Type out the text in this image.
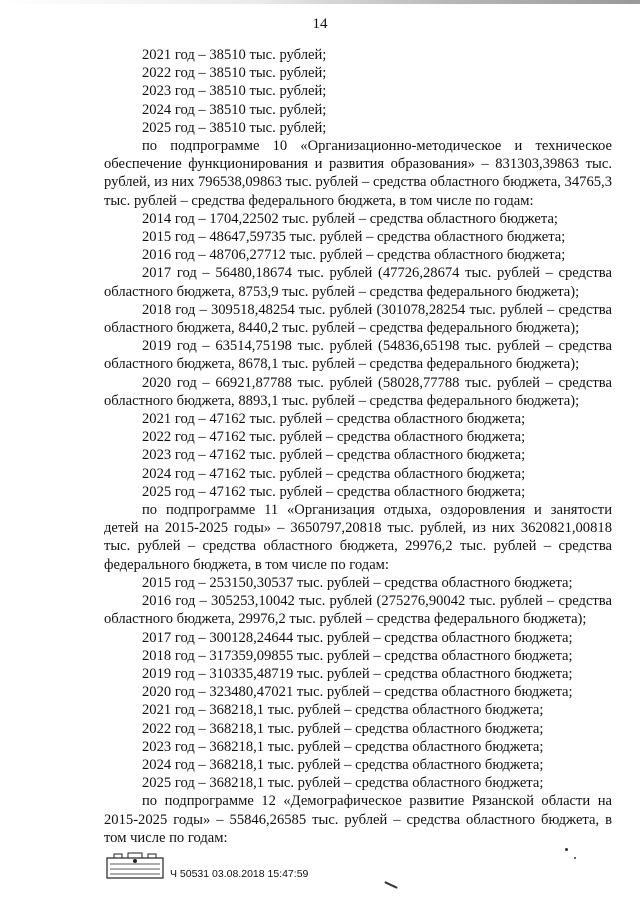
14

2021 год – 38510 тыс. рублей;

2022 год – 38510 тыс. рублей;

2023 год – 38510 тыс. рублей;

2024 год – 38510 тыс. рублей;

2025 год – 38510 тыс. рублей;

по подпрограмме 10 «Организационно-методическое и техническое обеспечение функционирования и развития образования» – 831303,39863 тыс. рублей, из них 796538,09863 тыс. рублей – средства областного бюджета, 34765,3 тыс. рублей – средства федерального бюджета, в том числе по годам:

2014 год – 1704,22502 тыс. рублей – средства областного бюджета;

2015 год – 48647,59735 тыс. рублей – средства областного бюджета;

2016 год – 48706,27712 тыс. рублей – средства областного бюджета;

2017 год – 56480,18674 тыс. рублей (47726,28674 тыс. рублей – средства областного бюджета, 8753,9 тыс. рублей – средства федерального бюджета);

2018 год – 309518,48254 тыс. рублей (301078,28254 тыс. рублей – средства областного бюджета, 8440,2 тыс. рублей – средства федерального бюджета);

2019 год – 63514,75198 тыс. рублей (54836,65198 тыс. рублей – средства областного бюджета, 8678,1 тыс. рублей – средства федерального бюджета);

2020 год – 66921,87788 тыс. рублей (58028,77788 тыс. рублей – средства областного бюджета, 8893,1 тыс. рублей – средства федерального бюджета);

2021 год – 47162 тыс. рублей – средства областного бюджета;

2022 год – 47162 тыс. рублей – средства областного бюджета;

2023 год – 47162 тыс. рублей – средства областного бюджета;

2024 год – 47162 тыс. рублей – средства областного бюджета;

2025 год – 47162 тыс. рублей – средства областного бюджета;

по подпрограмме 11 «Организация отдыха, оздоровления и занятости детей на 2015-2025 годы» – 3650797,20818 тыс. рублей, из них 3620821,00818 тыс. рублей – средства областного бюджета, 29976,2 тыс. рублей – средства федерального бюджета, в том числе по годам:

2015 год – 253150,30537 тыс. рублей – средства областного бюджета;

2016 год – 305253,10042 тыс. рублей (275276,90042 тыс. рублей – средства областного бюджета, 29976,2 тыс. рублей – средства федерального бюджета);

2017 год – 300128,24644 тыс. рублей – средства областного бюджета;

2018 год – 317359,09855 тыс. рублей – средства областного бюджета;

2019 год – 310335,48719 тыс. рублей – средства областного бюджета;

2020 год – 323480,47021 тыс. рублей – средства областного бюджета;

2021 год – 368218,1 тыс. рублей – средства областного бюджета;

2022 год – 368218,1 тыс. рублей – средства областного бюджета;

2023 год – 368218,1 тыс. рублей – средства областного бюджета;

2024 год – 368218,1 тыс. рублей – средства областного бюджета;

2025 год – 368218,1 тыс. рублей – средства областного бюджета;

по подпрограмме 12 «Демографическое развитие Рязанской области на 2015-2025 годы» – 55846,26585 тыс. рублей – средства областного бюджета, в том числе по годам:

Ч 50531 03.08.2018 15:47:59
